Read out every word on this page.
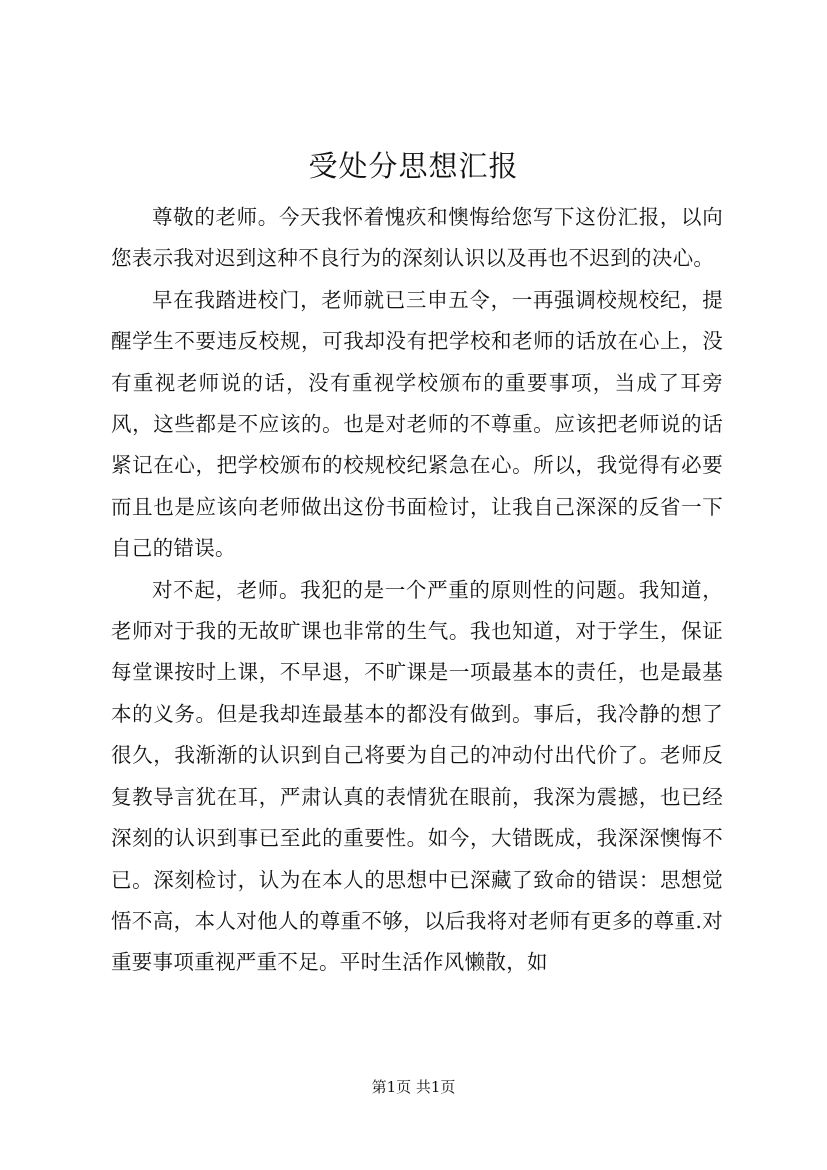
受处分思想汇报

尊敬的老师。今天我怀着愧疚和懊悔给您写下这份汇报，以向您表示我对迟到这种不良行为的深刻认识以及再也不迟到的决心。

早在我踏进校门，老师就已三申五令，一再强调校规校纪，提醒学生不要违反校规，可我却没有把学校和老师的话放在心上，没有重视老师说的话，没有重视学校颁布的重要事项，当成了耳旁风，这些都是不应该的。也是对老师的不尊重。应该把老师说的话紧记在心，把学校颁布的校规校纪紧急在心。所以，我觉得有必要而且也是应该向老师做出这份书面检讨，让我自己深深的反省一下自己的错误。

对不起，老师。我犯的是一个严重的原则性的问题。我知道，老师对于我的无故旷课也非常的生气。我也知道，对于学生，保证每堂课按时上课，不早退，不旷课是一项最基本的责任，也是最基本的义务。但是我却连最基本的都没有做到。事后，我冷静的想了很久，我渐渐的认识到自己将要为自己的冲动付出代价了。老师反复教导言犹在耳，严肃认真的表情犹在眼前，我深为震撼，也已经深刻的认识到事已至此的重要性。如今，大错既成，我深深懊悔不已。深刻检讨，认为在本人的思想中已深藏了致命的错误：思想觉悟不高，本人对他人的尊重不够，以后我将对老师有更多的尊重.对重要事项重视严重不足。平时生活作风懒散，如

第1页 共1页
